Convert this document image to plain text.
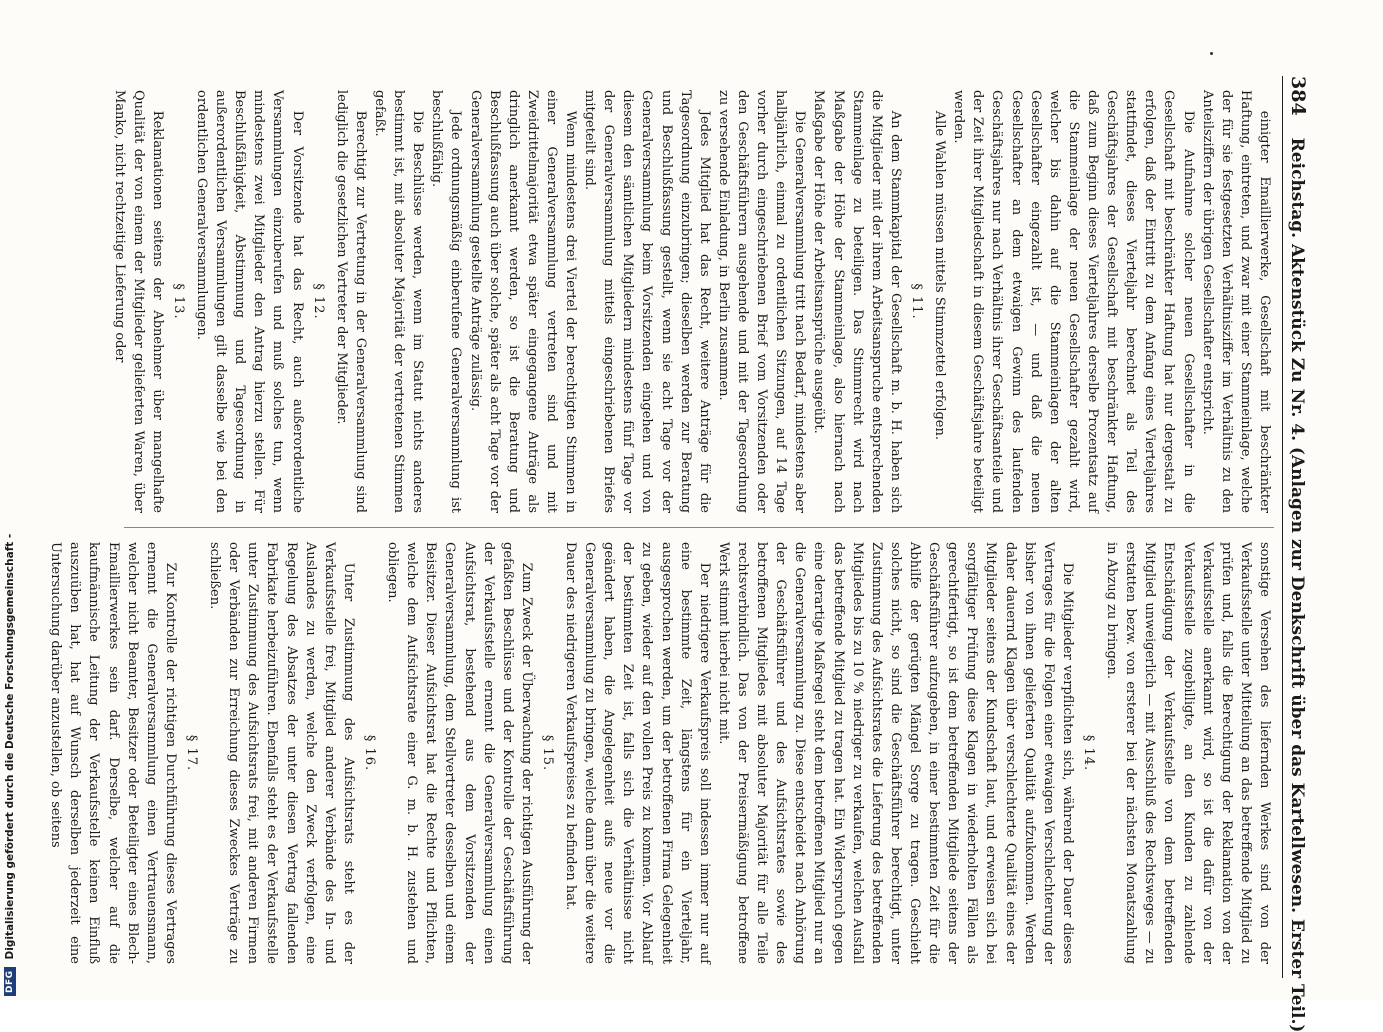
384
Reichstag. Aktenstück Zu Nr. 4. (Anlagen zur Denkschrift über das Kartellwesen. Erster Teil.)

einigter Emaillierwerke, Gesellschaft mit beschränkter Haftung, eintreten, und zwar mit einer Stammeinlage, welche der für sie festgesetzten Verhältnisziffer im Verhältnis zu den Anteilsziffern der übrigen Gesellschafter entspricht.

Die Aufnahme solcher neuen Gesellschafter in die Gesellschaft mit beschränkter Haftung hat nur dergestalt zu erfolgen, daß der Eintritt zu dem Anfang eines Vierteljahres stattfindet, dieses Vierteljahr berechnet als Teil des Geschäftsjahres der Gesellschaft mit beschränkter Haftung, daß zum Beginn dieses Vierteljahres derselbe Prozentsatz auf die Stammeinlage der neuen Gesellschafter gezahlt wird, welcher bis dahin auf die Stammeinlagen der alten Gesellschafter eingezahlt ist, — und daß die neuen Gesellschafter an dem etwaigen Gewinn des laufenden Geschäftsjahres nur nach Verhältnis ihrer Geschäftsanteile und der Zeit ihrer Mitgliedschaft in diesem Geschäftsjahre beteiligt werden.

Alle Wahlen müssen mittels Stimmzettel erfolgen.

§ 11.

An dem Stammkapital der Gesellschaft m. b. H. haben sich die Mitglieder mit der ihrem Arbeitsanspruche entsprechenden Stammeinlage zu beteiligen. Das Stimmrecht wird nach Maßgabe der Höhe der Stammeinlage, also hiernach nach Maßgabe der Höhe der Arbeitsansprüche ausgeübt.

Die Generalversammlung tritt nach Bedarf, mindestens aber halbjährlich, einmal zu ordentlichen Sitzungen, auf 14 Tage vorher durch eingeschriebenen Brief vom Vorsitzenden oder den Geschäftsführern ausgehende und mit der Tagesordnung zu versehende Einladung, in Berlin zusammen.

Jedes Mitglied hat das Recht, weitere Anträge für die Tagesordnung einzubringen; dieselben werden zur Beratung und Beschlußfassung gestellt, wenn sie acht Tage vor der Generalversammlung beim Vorsitzenden eingehen und von diesem den sämtlichen Mitgliedern mindestens fünf Tage vor der Generalversammlung mittels eingeschriebenen Briefes mitgeteilt sind.

Wenn mindestens drei Viertel der berechtigten Stimmen in einer Generalversammlung vertreten sind und mit Zweidrittelmajorität etwa später eingegangene Anträge als dringlich anerkannt werden, so ist die Beratung und Beschlußfassung auch über solche, später als acht Tage vor der Generalversammlung gestellte Anträge zulässig.

Jede ordnungsmäßig einberufene Generalversammlung ist beschlußfähig.

Die Beschlüsse werden, wenn im Statut nichts anderes bestimmt ist, mit absoluter Majorität der vertretenen Stimmen gefaßt.

Berechtigt zur Vertretung in der Generalversammlung sind lediglich die gesetzlichen Vertreter der Mitglieder.

§ 12.

Der Vorsitzende hat das Recht, auch außerordentliche Versammlungen einzuberufen und muß solches tun, wenn mindestens zwei Mitglieder den Antrag hierzu stellen. Für Beschlußfähigkeit, Abstimmung und Tagesordnung in außerordentlichen Versammlungen gilt dasselbe wie bei den ordentlichen Generalversammlungen.

§ 13.

Reklamationen seitens der Abnehmer über mangelhafte Qualität der von einem der Mitglieder gelieferten Waren, über Manko, nicht rechtzeitige Lieferung oder

sonstige Versehen des liefernden Werkes sind von der Verkaufsstelle unter Mitteilung an das betreffende Mitglied zu prüfen und, falls die Berechtigung der Reklamation von der Verkaufsstelle anerkannt wird, so ist die dafür von der Verkaufsstelle zugebilligte, an den Kunden zu zahlende Entschädigung der Verkaufsstelle von dem betreffenden Mitglied unweigerlich — mit Ausschluß des Rechtsweges — zu erstatten bezw. von ersterer bei der nächsten Monatszahlung in Abzug zu bringen.

§ 14.

Die Mitglieder verpflichten sich, während der Dauer dieses Vertrages für die Folgen einer etwaigen Verschlechterung der bisher von ihnen gelieferten Qualität aufzukommen. Werden daher dauernd Klagen über verschlechterte Qualität eines der Mitglieder seitens der Kundschaft laut, und erweisen sich bei sorgfältiger Prüfung diese Klagen in wiederholten Fällen als gerechtfertigt, so ist dem betreffenden Mitgliede seitens der Geschäftsführer aufzugeben, in einer bestimmten Zeit für die Abhilfe der gerügten Mängel Sorge zu tragen. Geschieht solches nicht, so sind die Geschäftsführer berechtigt, unter Zustimmung des Aufsichtsrates die Lieferung des betreffenden Mitgliedes bis zu 10 % niedriger zu verkaufen, welchen Ausfall das betreffende Mitglied zu tragen hat. Ein Widerspruch gegen eine derartige Maßregel steht dem betroffenen Mitglied nur an die Generalversammlung zu. Diese entscheidet nach Anhörung der Geschäftsführer und des Aufsichtsrates sowie des betroffenen Mitgliedes mit absoluter Majorität für alle Teile rechtsverbindlich. Das von der Preisermäßigung betroffene Werk stimmt hierbei nicht mit.

Der niedrigere Verkaufspreis soll indessen immer nur auf eine bestimmte Zeit, längstens für ein Vierteljahr, ausgesprochen werden, um der betroffenen Firma Gelegenheit zu geben, wieder auf den vollen Preis zu kommen. Vor Ablauf der bestimmten Zeit ist, falls sich die Verhältnisse nicht geändert haben, die Angelegenheit aufs neue vor die Generalversammlung zu bringen, welche dann über die weitere Dauer des niedrigeren Verkaufspreises zu befinden hat.

§ 15.

Zum Zweck der Überwachung der richtigen Ausführung der gefaßten Beschlüsse und der Kontrolle der Geschäftsführung der Verkaufsstelle ernennt die Generalversammlung einen Aufsichtsrat, bestehend aus dem Vorsitzenden der Generalversammlung, dem Stellvertreter desselben und einem Beisitzer. Dieser Aufsichtsrat hat die Rechte und Pflichten, welche dem Aufsichtsrate einer G. m. b. H. zustehen und obliegen.

§ 16.

Unter Zustimmung des Aufsichtsrats steht es der Verkaufsstelle frei, Mitglied anderer Verbände des In- und Auslandes zu werden, welche den Zweck verfolgen, eine Regelung des Absatzes der unter diesen Vertrag fallenden Fabrikate herbeizuführen. Ebenfalls steht es der Verkaufsstelle unter Zustimmung des Aufsichtsrats frei, mit anderen Firmen oder Verbänden zur Erreichung dieses Zweckes Verträge zu schließen.

§ 17.

Zur Kontrolle der richtigen Durchführung dieses Vertrages ernennt die Generalversammlung einen Vertrauensmann, welcher nicht Beamter, Besitzer oder Beteiligter eines Blech-Emaillierwerkes sein darf. Derselbe, welcher auf die kaufmännische Leitung der Verkaufsstelle keinen Einfluß auszuüben hat, hat auf Wunsch derselben jederzeit eine Untersuchung darüber anzustellen, ob seitens

DFG
Digitalisierung gefördert durch die Deutsche Forschungsgemeinschaft -
